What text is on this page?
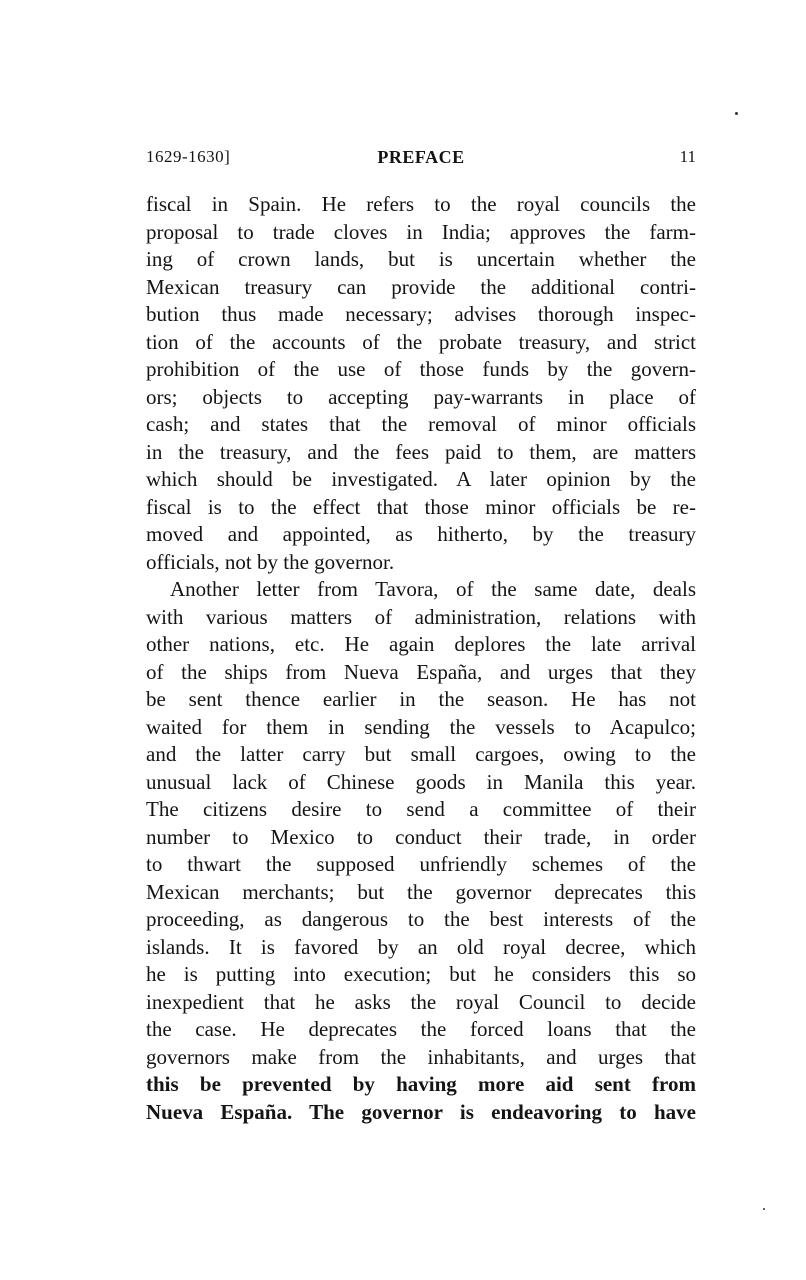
1629-1630]	PREFACE	11
fiscal in Spain. He refers to the royal councils the
proposal to trade cloves in India; approves the farm-
ing of crown lands, but is uncertain whether the
Mexican treasury can provide the additional contri-
bution thus made necessary; advises thorough inspec-
tion of the accounts of the probate treasury, and strict
prohibition of the use of those funds by the govern-
ors; objects to accepting pay-warrants in place of
cash; and states that the removal of minor officials
in the treasury, and the fees paid to them, are matters
which should be investigated. A later opinion by the
fiscal is to the effect that those minor officials be re-
moved and appointed, as hitherto, by the treasury
officials, not by the governor.
Another letter from Tavora, of the same date, deals
with various matters of administration, relations with
other nations, etc. He again deplores the late arrival
of the ships from Nueva España, and urges that they
be sent thence earlier in the season. He has not
waited for them in sending the vessels to Acapulco;
and the latter carry but small cargoes, owing to the
unusual lack of Chinese goods in Manila this year.
The citizens desire to send a committee of their
number to Mexico to conduct their trade, in order
to thwart the supposed unfriendly schemes of the
Mexican merchants; but the governor deprecates this
proceeding, as dangerous to the best interests of the
islands. It is favored by an old royal decree, which
he is putting into execution; but he considers this so
inexpedient that he asks the royal Council to decide
the case. He deprecates the forced loans that the
governors make from the inhabitants, and urges that
this be prevented by having more aid sent from
Nueva España. The governor is endeavoring to have
